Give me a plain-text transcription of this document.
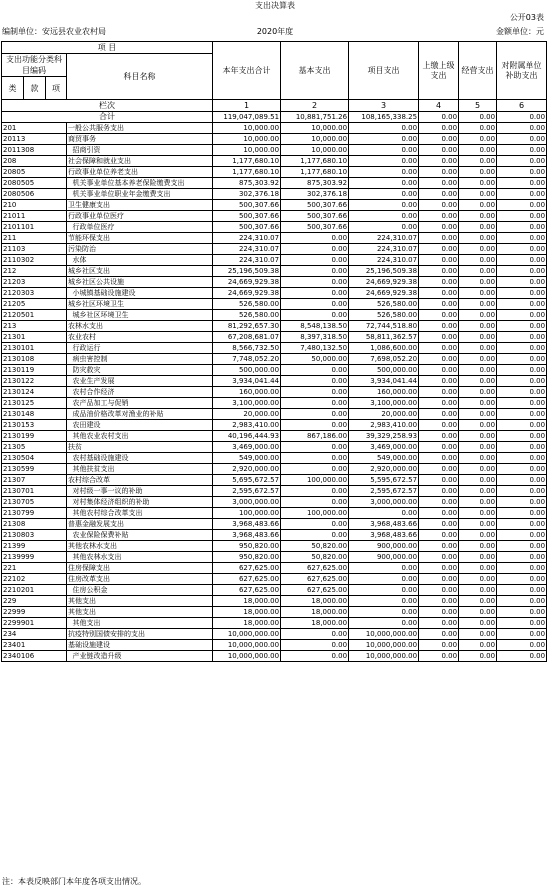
支出决算表
公开03表
编制单位：安远县农业农村局	2020年度	金额单位：元
项 目				本年支出合计	基本支出	项目支出	上缴上级支出	经营支出	对附属单位补助支出
支出功能分类科目编码			科目名称						
类	款	项							
栏次				1	2	3	4	5	6
合计				119,047,089.51	10,881,751.26	108,165,338.25	0.00	0.00	0.00
201			一般公共服务支出	10,000.00	10,000.00	0.00	0.00	0.00	0.00
20113			商贸事务	10,000.00	10,000.00	0.00	0.00	0.00	0.00
2011308			招商引资	10,000.00	10,000.00	0.00	0.00	0.00	0.00
208			社会保障和就业支出	1,177,680.10	1,177,680.10	0.00	0.00	0.00	0.00
20805			行政事业单位养老支出	1,177,680.10	1,177,680.10	0.00	0.00	0.00	0.00
2080505			机关事业单位基本养老保险缴费支出	875,303.92	875,303.92	0.00	0.00	0.00	0.00
2080506			机关事业单位职业年金缴费支出	302,376.18	302,376.18	0.00	0.00	0.00	0.00
210			卫生健康支出	500,307.66	500,307.66	0.00	0.00	0.00	0.00
21011			行政事业单位医疗	500,307.66	500,307.66	0.00	0.00	0.00	0.00
2101101			行政单位医疗	500,307.66	500,307.66	0.00	0.00	0.00	0.00
211			节能环保支出	224,310.07	0.00	224,310.07	0.00	0.00	0.00
21103			污染防治	224,310.07	0.00	224,310.07	0.00	0.00	0.00
2110302			水体	224,310.07	0.00	224,310.07	0.00	0.00	0.00
212			城乡社区支出	25,196,509.38	0.00	25,196,509.38	0.00	0.00	0.00
21203			城乡社区公共设施	24,669,929.38	0.00	24,669,929.38	0.00	0.00	0.00
2120303			小城镇基础设施建设	24,669,929.38	0.00	24,669,929.38	0.00	0.00	0.00
21205			城乡社区环境卫生	526,580.00	0.00	526,580.00	0.00	0.00	0.00
2120501			城乡社区环境卫生	526,580.00	0.00	526,580.00	0.00	0.00	0.00
213			农林水支出	81,292,657.30	8,548,138.50	72,744,518.80	0.00	0.00	0.00
21301			农业农村	67,208,681.07	8,397,318.50	58,811,362.57	0.00	0.00	0.00
2130101			行政运行	8,566,732.50	7,480,132.50	1,086,600.00	0.00	0.00	0.00
2130108			病虫害控制	7,748,052.20	50,000.00	7,698,052.20	0.00	0.00	0.00
2130119			防灾救灾	500,000.00	0.00	500,000.00	0.00	0.00	0.00
2130122			农业生产发展	3,934,041.44	0.00	3,934,041.44	0.00	0.00	0.00
2130124			农村合作经济	160,000.00	0.00	160,000.00	0.00	0.00	0.00
2130125			农产品加工与促销	3,100,000.00	0.00	3,100,000.00	0.00	0.00	0.00
2130148			成品油价格改革对渔业的补贴	20,000.00	0.00	20,000.00	0.00	0.00	0.00
2130153			农田建设	2,983,410.00	0.00	2,983,410.00	0.00	0.00	0.00
2130199			其他农业农村支出	40,196,444.93	867,186.00	39,329,258.93	0.00	0.00	0.00
21305			扶贫	3,469,000.00	0.00	3,469,000.00	0.00	0.00	0.00
2130504			农村基础设施建设	549,000.00	0.00	549,000.00	0.00	0.00	0.00
2130599			其他扶贫支出	2,920,000.00	0.00	2,920,000.00	0.00	0.00	0.00
21307			农村综合改革	5,695,672.57	100,000.00	5,595,672.57	0.00	0.00	0.00
2130701			对村级一事一议的补助	2,595,672.57	0.00	2,595,672.57	0.00	0.00	0.00
2130705			对村集体经济组织的补助	3,000,000.00	0.00	3,000,000.00	0.00	0.00	0.00
2130799			其他农村综合改革支出	100,000.00	100,000.00	0.00	0.00	0.00	0.00
21308			普惠金融发展支出	3,968,483.66	0.00	3,968,483.66	0.00	0.00	0.00
2130803			农业保险保费补贴	3,968,483.66	0.00	3,968,483.66	0.00	0.00	0.00
21399			其他农林水支出	950,820.00	50,820.00	900,000.00	0.00	0.00	0.00
2139999			其他农林水支出	950,820.00	50,820.00	900,000.00	0.00	0.00	0.00
221			住房保障支出	627,625.00	627,625.00	0.00	0.00	0.00	0.00
22102			住房改革支出	627,625.00	627,625.00	0.00	0.00	0.00	0.00
2210201			住房公积金	627,625.00	627,625.00	0.00	0.00	0.00	0.00
229			其他支出	18,000.00	18,000.00	0.00	0.00	0.00	0.00
22999			其他支出	18,000.00	18,000.00	0.00	0.00	0.00	0.00
2299901			其他支出	18,000.00	18,000.00	0.00	0.00	0.00	0.00
234			抗疫特别国债安排的支出	10,000,000.00	0.00	10,000,000.00	0.00	0.00	0.00
23401			基础设施建设	10,000,000.00	0.00	10,000,000.00	0.00	0.00	0.00
2340106			产业链改造升级	10,000,000.00	0.00	10,000,000.00	0.00	0.00	0.00
注：本表反映部门本年度各项支出情况。
